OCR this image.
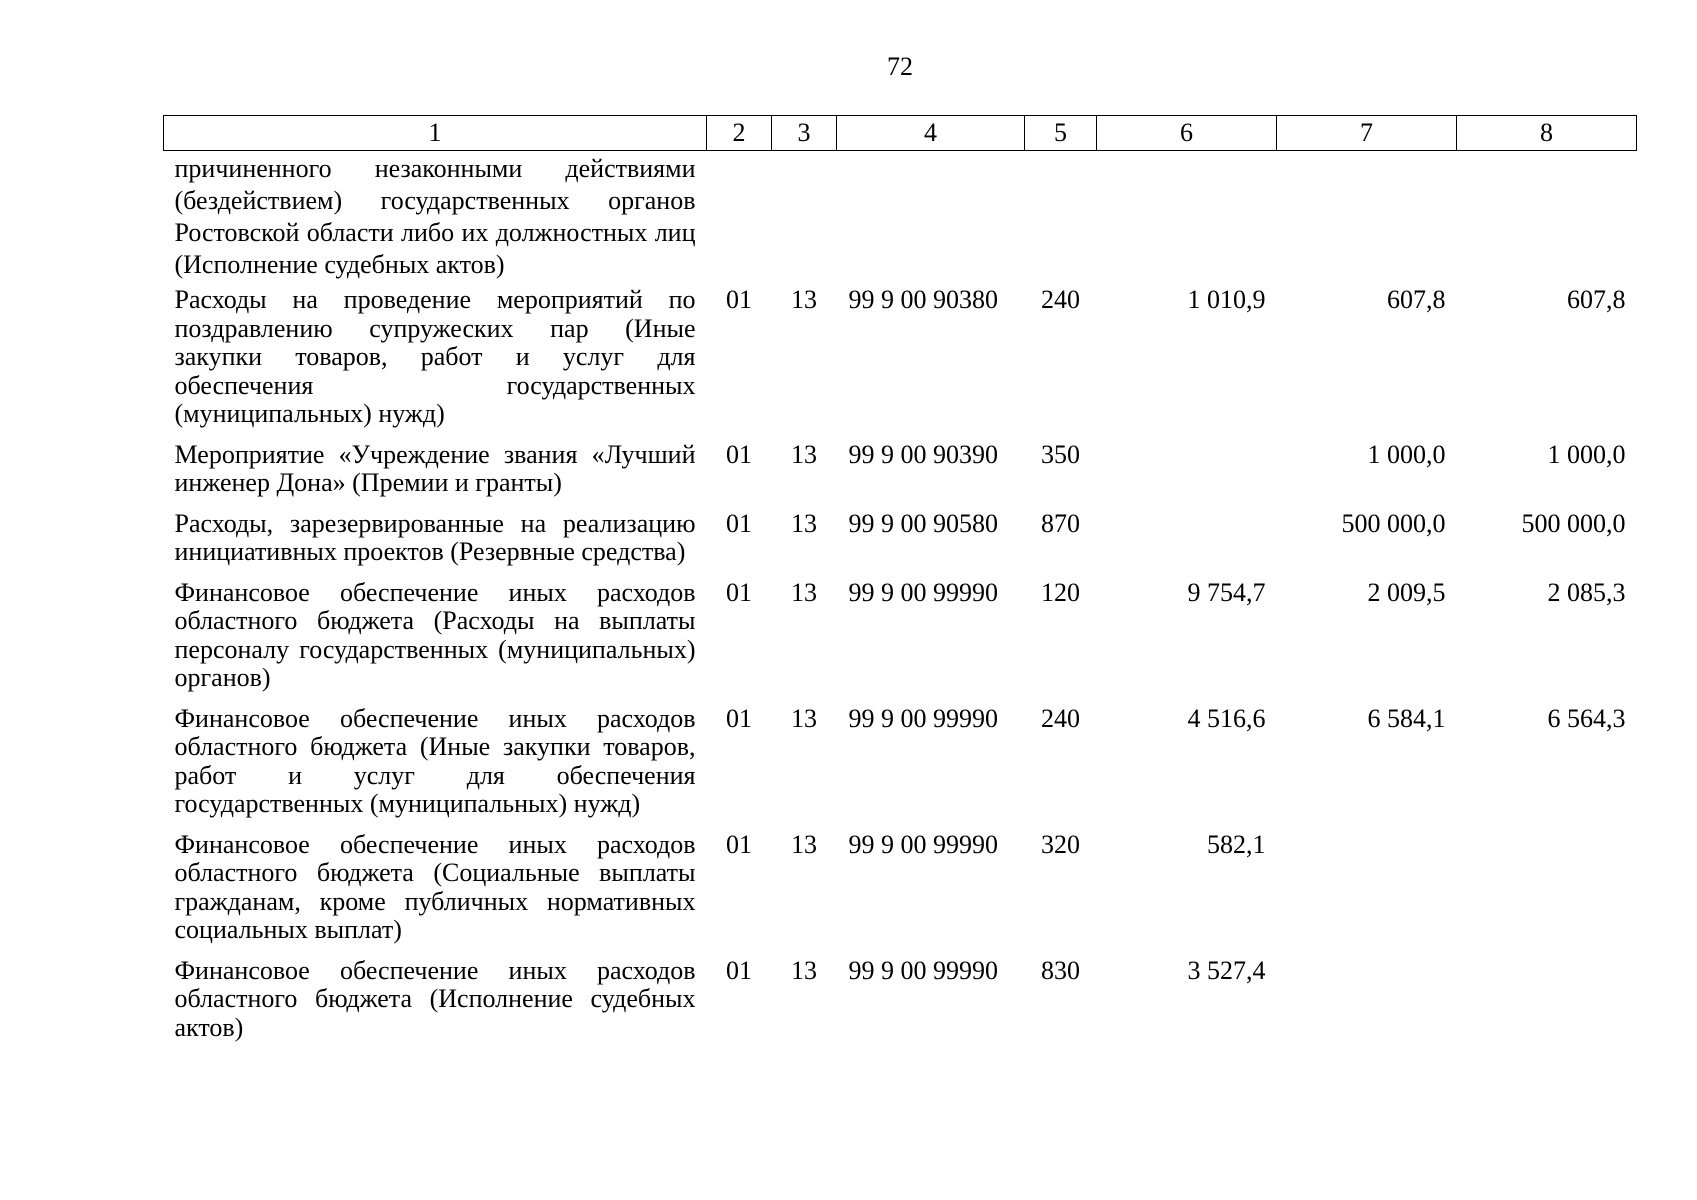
72
1	2	3	4	5	6	7	8
причиненного незаконными действиями (бездействием) государственных органов Ростовской области либо их должностных лиц (Исполнение судебных актов)							
Расходы на проведение мероприятий по поздравлению супружеских пар (Иные закупки товаров, работ и услуг для обеспечения государственных (муниципальных) нужд)	01	13	99 9 00 90380	240	1 010,9	607,8	607,8
Мероприятие «Учреждение звания «Лучший инженер Дона» (Премии и гранты)	01	13	99 9 00 90390	350		1 000,0	1 000,0
Расходы, зарезервированные на реализацию инициативных проектов (Резервные средства)	01	13	99 9 00 90580	870		500 000,0	500 000,0
Финансовое обеспечение иных расходов областного бюджета (Расходы на выплаты персоналу государственных (муниципальных) органов)	01	13	99 9 00 99990	120	9 754,7	2 009,5	2 085,3
Финансовое обеспечение иных расходов областного бюджета (Иные закупки товаров, работ и услуг для обеспечения государственных (муниципальных) нужд)	01	13	99 9 00 99990	240	4 516,6	6 584,1	6 564,3
Финансовое обеспечение иных расходов областного бюджета (Социальные выплаты гражданам, кроме публичных нормативных социальных выплат)	01	13	99 9 00 99990	320	582,1		
Финансовое обеспечение иных расходов областного бюджета (Исполнение судебных актов)	01	13	99 9 00 99990	830	3 527,4		
